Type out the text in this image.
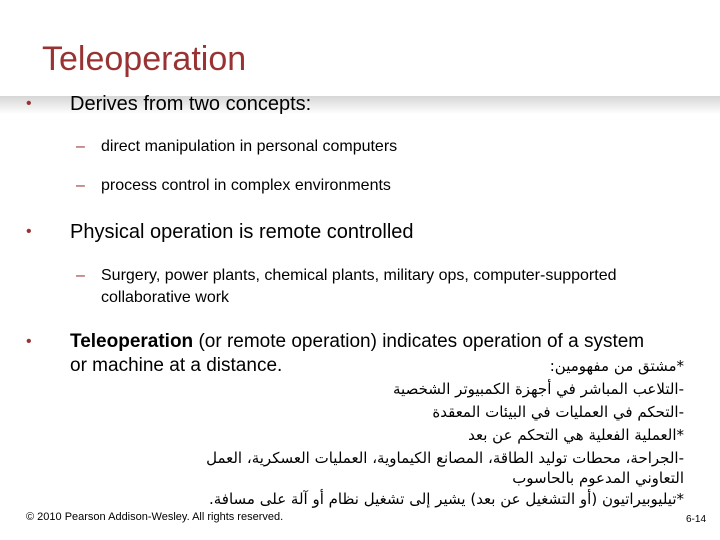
Teleoperation
• Derives from two concepts:
– direct manipulation in personal computers
– process control in complex environments
• Physical operation is remote controlled
– Surgery, power plants, chemical plants, military ops, computer-supported collaborative work
• Teleoperation (or remote operation) indicates operation of a system
or machine at a distance.	*مشتق من مفهومين:
-التلاعب المباشر في أجهزة الكمبيوتر الشخصية
-التحكم في العمليات في البيئات المعقدة
*العملية الفعلية هي التحكم عن بعد
-الجراحة، محطات توليد الطاقة، المصانع الكيماوية، العمليات العسكرية، العمل
التعاوني المدعوم بالحاسوب
*تيليوبيراتيون (أو التشغيل عن بعد) يشير إلى تشغيل نظام أو آلة على مسافة.
© 2010 Pearson Addison-Wesley. All rights reserved.	6-14
